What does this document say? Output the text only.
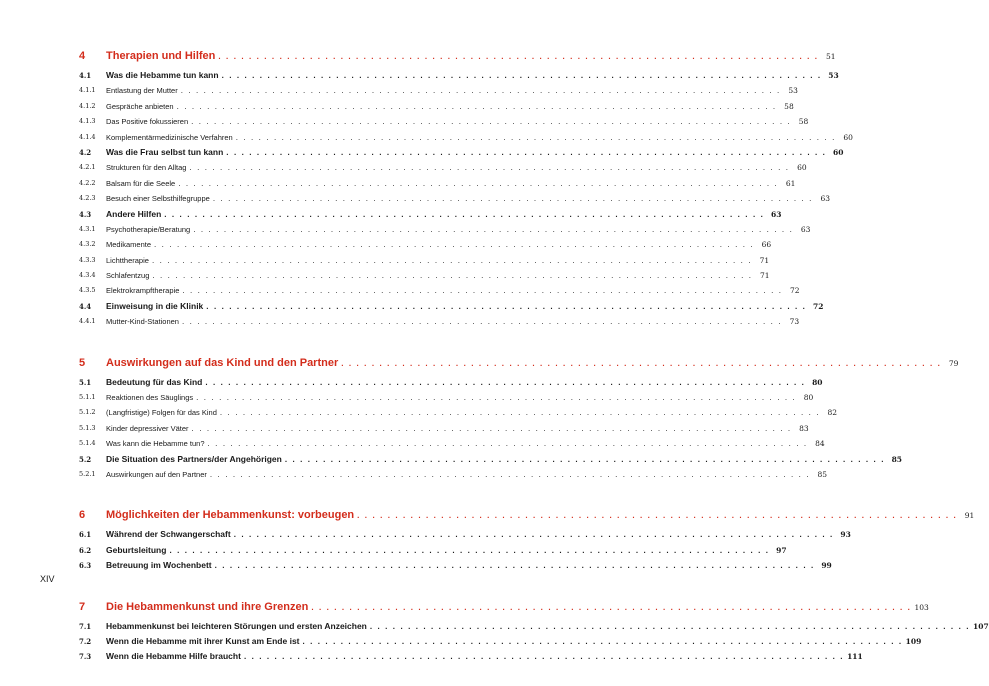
4 Therapien und Hilfen . . . . . . . . . . . . . . . . . . . . . . . . . . . . . . . . . . . . . . . . . . . . . . . . . . . . . . . . . . . . . . . . . . . . . . . . . . . . . . . 51
4.1 Was die Hebamme tun kann . . . . . . . . . . . . . . . . . . . . . . . . . . . . . . . . . . . . . . . . . . . . . . . . . . . . . . . . . . . . . . . . . . . . . . . . . . . . . . . 53
4.1.1 Entlastung der Mutter . . . . . . . . . . . . . . . . . . . . . . . . . . . . . . . . . . . . . . . . . . . . . . . . . . . . . . . . . . . . . . . . . . . . . . . . . . . . . . . 53
4.1.2 Gespräche anbieten . . . . . . . . . . . . . . . . . . . . . . . . . . . . . . . . . . . . . . . . . . . . . . . . . . . . . . . . . . . . . . . . . . . . . . . . . . . . . . . 58
4.1.3 Das Positive fokussieren . . . . . . . . . . . . . . . . . . . . . . . . . . . . . . . . . . . . . . . . . . . . . . . . . . . . . . . . . . . . . . . . . . . . . . . . . . . . . . . 58
4.1.4 Komplementärmedizinische Verfahren . . . . . . . . . . . . . . . . . . . . . . . . . . . . . . . . . . . . . . . . . . . . . . . . . . . . . . . . . . . . . . . . . . . . . . . . . . . . . . . 60
4.2 Was die Frau selbst tun kann . . . . . . . . . . . . . . . . . . . . . . . . . . . . . . . . . . . . . . . . . . . . . . . . . . . . . . . . . . . . . . . . . . . . . . . . . . . . . . . 60
4.2.1 Strukturen für den Alltag . . . . . . . . . . . . . . . . . . . . . . . . . . . . . . . . . . . . . . . . . . . . . . . . . . . . . . . . . . . . . . . . . . . . . . . . . . . . . . . 60
4.2.2 Balsam für die Seele . . . . . . . . . . . . . . . . . . . . . . . . . . . . . . . . . . . . . . . . . . . . . . . . . . . . . . . . . . . . . . . . . . . . . . . . . . . . . . . 61
4.2.3 Besuch einer Selbsthilfegruppe . . . . . . . . . . . . . . . . . . . . . . . . . . . . . . . . . . . . . . . . . . . . . . . . . . . . . . . . . . . . . . . . . . . . . . . . . . . . . . . 63
4.3 Andere Hilfen . . . . . . . . . . . . . . . . . . . . . . . . . . . . . . . . . . . . . . . . . . . . . . . . . . . . . . . . . . . . . . . . . . . . . . . . . . . . . . . 63
4.3.1 Psychotherapie/Beratung . . . . . . . . . . . . . . . . . . . . . . . . . . . . . . . . . . . . . . . . . . . . . . . . . . . . . . . . . . . . . . . . . . . . . . . . . . . . . . . 63
4.3.2 Medikamente . . . . . . . . . . . . . . . . . . . . . . . . . . . . . . . . . . . . . . . . . . . . . . . . . . . . . . . . . . . . . . . . . . . . . . . . . . . . . . . 66
4.3.3 Lichttherapie . . . . . . . . . . . . . . . . . . . . . . . . . . . . . . . . . . . . . . . . . . . . . . . . . . . . . . . . . . . . . . . . . . . . . . . . . . . . . . . 71
4.3.4 Schlafentzug . . . . . . . . . . . . . . . . . . . . . . . . . . . . . . . . . . . . . . . . . . . . . . . . . . . . . . . . . . . . . . . . . . . . . . . . . . . . . . . 71
4.3.5 Elektrokrampftherapie . . . . . . . . . . . . . . . . . . . . . . . . . . . . . . . . . . . . . . . . . . . . . . . . . . . . . . . . . . . . . . . . . . . . . . . . . . . . . . . 72
4.4 Einweisung in die Klinik . . . . . . . . . . . . . . . . . . . . . . . . . . . . . . . . . . . . . . . . . . . . . . . . . . . . . . . . . . . . . . . . . . . . . . . . . . . . . . . 72
4.4.1 Mutter-Kind-Stationen . . . . . . . . . . . . . . . . . . . . . . . . . . . . . . . . . . . . . . . . . . . . . . . . . . . . . . . . . . . . . . . . . . . . . . . . . . . . . . . 73
5 Auswirkungen auf das Kind und den Partner . . . . . . . . . . . . . . . . . . . . . . . . . . . . . . . . . . . . . . . . . . . . . . . . . . . . . . . . . . . . . . . . . . . . . . . . . . . . . . . 79
5.1 Bedeutung für das Kind . . . . . . . . . . . . . . . . . . . . . . . . . . . . . . . . . . . . . . . . . . . . . . . . . . . . . . . . . . . . . . . . . . . . . . . . . . . . . . . 80
5.1.1 Reaktionen des Säuglings . . . . . . . . . . . . . . . . . . . . . . . . . . . . . . . . . . . . . . . . . . . . . . . . . . . . . . . . . . . . . . . . . . . . . . . . . . . . . . . 80
5.1.2 (Langfristige) Folgen für das Kind . . . . . . . . . . . . . . . . . . . . . . . . . . . . . . . . . . . . . . . . . . . . . . . . . . . . . . . . . . . . . . . . . . . . . . . . . . . . . . . 82
5.1.3 Kinder depressiver Väter . . . . . . . . . . . . . . . . . . . . . . . . . . . . . . . . . . . . . . . . . . . . . . . . . . . . . . . . . . . . . . . . . . . . . . . . . . . . . . . 83
5.1.4 Was kann die Hebamme tun? . . . . . . . . . . . . . . . . . . . . . . . . . . . . . . . . . . . . . . . . . . . . . . . . . . . . . . . . . . . . . . . . . . . . . . . . . . . . . . . 84
5.2 Die Situation des Partners/der Angehörigen . . . . . . . . . . . . . . . . . . . . . . . . . . . . . . . . . . . . . . . . . . . . . . . . . . . . . . . . . . . . . . . . . . . . . . . . . . . . . . . 85
5.2.1 Auswirkungen auf den Partner . . . . . . . . . . . . . . . . . . . . . . . . . . . . . . . . . . . . . . . . . . . . . . . . . . . . . . . . . . . . . . . . . . . . . . . . . . . . . . . 85
6 Möglichkeiten der Hebammenkunst: vorbeugen . . . . . . . . . . . . . . . . . . . . . . . . . . . . . . . . . . . . . . . . . . . . . . . . . . . . . . . . . . . . . . . . . . . . . . . . . . . . . . . 91
6.1 Während der Schwangerschaft . . . . . . . . . . . . . . . . . . . . . . . . . . . . . . . . . . . . . . . . . . . . . . . . . . . . . . . . . . . . . . . . . . . . . . . . . . . . . . . 93
6.2 Geburtsleitung . . . . . . . . . . . . . . . . . . . . . . . . . . . . . . . . . . . . . . . . . . . . . . . . . . . . . . . . . . . . . . . . . . . . . . . . . . . . . . . 97
6.3 Betreuung im Wochenbett . . . . . . . . . . . . . . . . . . . . . . . . . . . . . . . . . . . . . . . . . . . . . . . . . . . . . . . . . . . . . . . . . . . . . . . . . . . . . . . 99
7 Die Hebammenkunst und ihre Grenzen . . . . . . . . . . . . . . . . . . . . . . . . . . . . . . . . . . . . . . . . . . . . . . . . . . . . . . . . . . . . . . . . . . . . . . . . . . . . . . . 103
7.1 Hebammenkunst bei leichteren Störungen und ersten Anzeichen . . . . . . . . . . . . . . . . . . . . . . . . . . . . . . . . . . . . . . . . . . . . . . . . . . . . . . . . . . . . . . . . . . . . . . . . . . . . . . . 107
7.2 Wenn die Hebamme mit ihrer Kunst am Ende ist . . . . . . . . . . . . . . . . . . . . . . . . . . . . . . . . . . . . . . . . . . . . . . . . . . . . . . . . . . . . . . . . . . . . . . . . . . . . . . . 109
7.3 Wenn die Hebamme Hilfe braucht . . . . . . . . . . . . . . . . . . . . . . . . . . . . . . . . . . . . . . . . . . . . . . . . . . . . . . . . . . . . . . . . . . . . . . . . . . . . . . . 111
XIV
